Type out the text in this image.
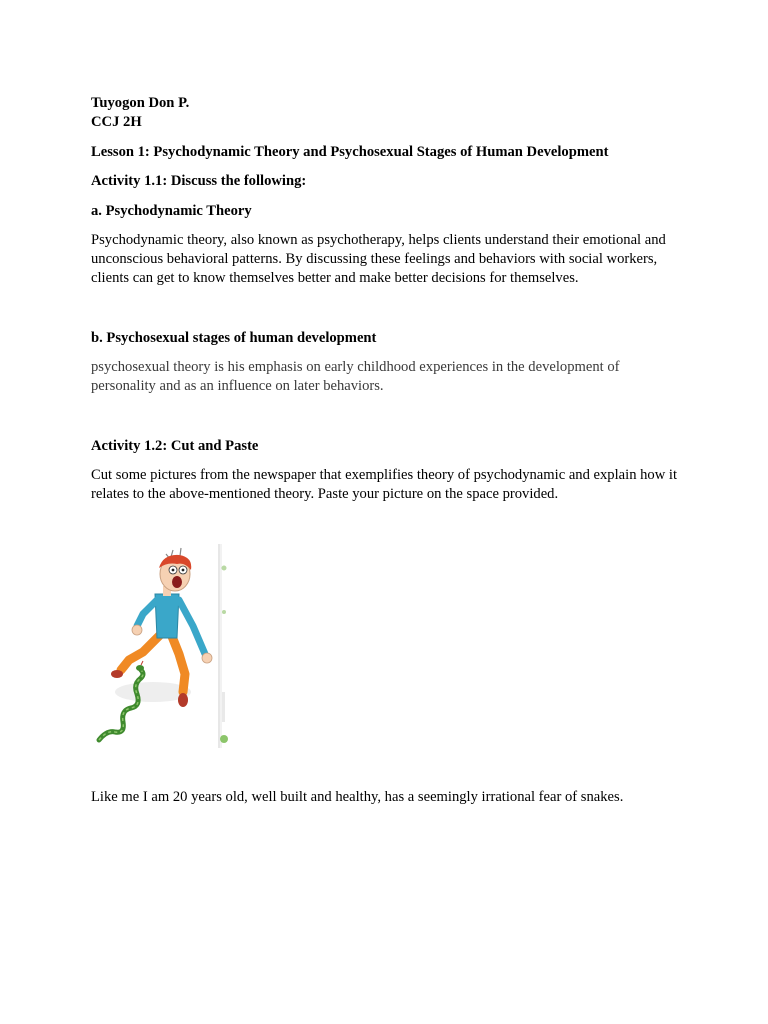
Tuyogon Don P.
CCJ 2H
Lesson 1: Psychodynamic Theory and Psychosexual Stages of Human Development
Activity 1.1: Discuss the following:
a. Psychodynamic Theory
Psychodynamic theory, also known as psychotherapy, helps clients understand their emotional and unconscious behavioral patterns. By discussing these feelings and behaviors with social workers, clients can get to know themselves better and make better decisions for themselves.
b. Psychosexual stages of human development
psychosexual theory is his emphasis on early childhood experiences in the development of personality and as an influence on later behaviors.
Activity 1.2: Cut and Paste
Cut some pictures from the newspaper that exemplifies theory of psychodynamic and explain how it relates to the above-mentioned theory. Paste your picture on the space provided.
Like me I am 20 years old, well built and healthy, has a seemingly irrational fear of snakes.
